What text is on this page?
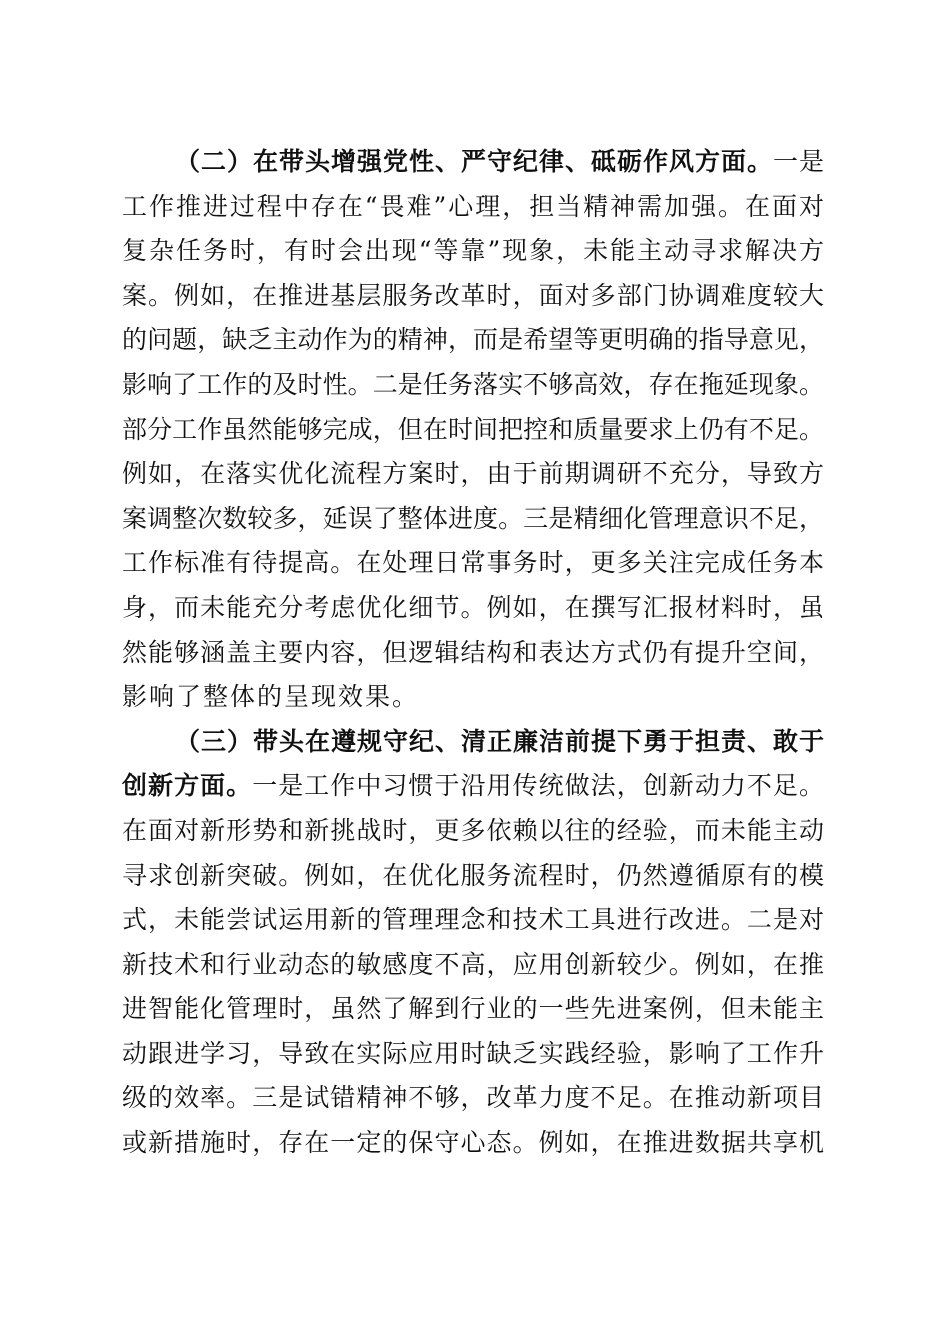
（二）在带头增强党性、严守纪律、砥砺作风方面。一是
工作推进过程中存在“畏难”心理，担当精神需加强。在面对
复杂任务时，有时会出现“等靠”现象，未能主动寻求解决方
案。例如，在推进基层服务改革时，面对多部门协调难度较大
的问题，缺乏主动作为的精神，而是希望等更明确的指导意见，
影响了工作的及时性。二是任务落实不够高效，存在拖延现象。
部分工作虽然能够完成，但在时间把控和质量要求上仍有不足。
例如，在落实优化流程方案时，由于前期调研不充分，导致方
案调整次数较多，延误了整体进度。三是精细化管理意识不足，
工作标准有待提高。在处理日常事务时，更多关注完成任务本
身，而未能充分考虑优化细节。例如，在撰写汇报材料时，虽
然能够涵盖主要内容，但逻辑结构和表达方式仍有提升空间，
影响了整体的呈现效果。
（三）带头在遵规守纪、清正廉洁前提下勇于担责、敢于
创新方面。一是工作中习惯于沿用传统做法，创新动力不足。
在面对新形势和新挑战时，更多依赖以往的经验，而未能主动
寻求创新突破。例如，在优化服务流程时，仍然遵循原有的模
式，未能尝试运用新的管理理念和技术工具进行改进。二是对
新技术和行业动态的敏感度不高，应用创新较少。例如，在推
进智能化管理时，虽然了解到行业的一些先进案例，但未能主
动跟进学习，导致在实际应用时缺乏实践经验，影响了工作升
级的效率。三是试错精神不够，改革力度不足。在推动新项目
或新措施时，存在一定的保守心态。例如，在推进数据共享机
